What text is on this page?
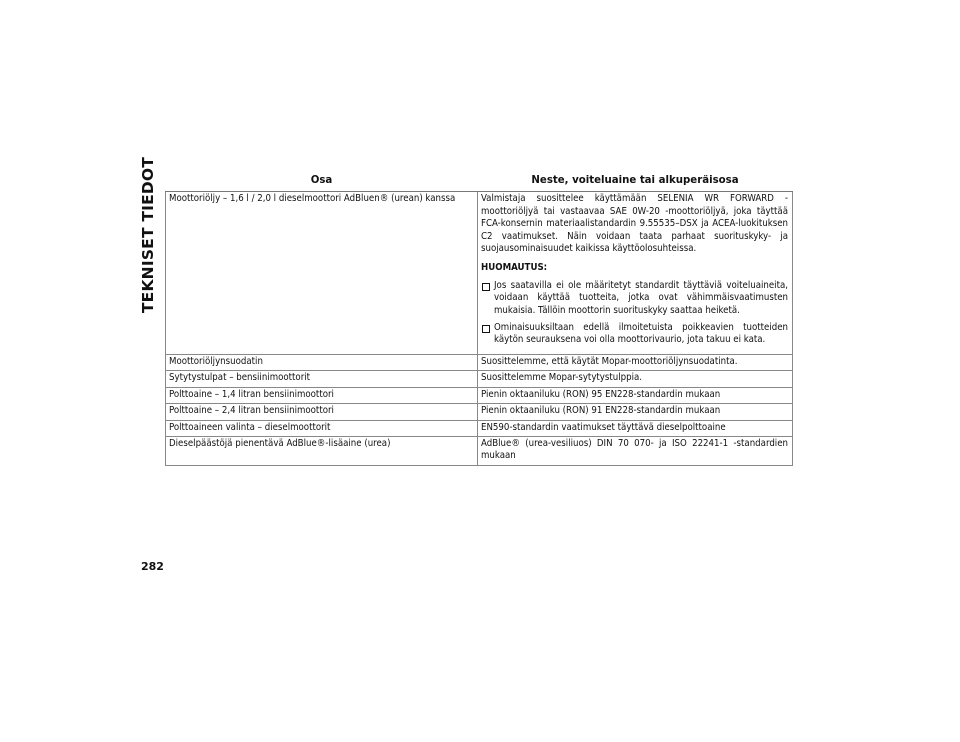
TEKNISET TIEDOT	Osa	Neste, voiteluaine tai alkuperäisosa
Moottoriöljy – 1,6 l / 2,0 l dieselmoottori AdBluen® (urean) kanssa	Valmistaja suosittelee käyttämään SELENIA WR FORWARD -moottoriöljyä tai vastaavaa SAE 0W-20 -moottoriöljyä, joka täyttää FCA-konsernin materiaalistandardin 9.55535–DSX ja ACEA-luokituksen C2 vaatimukset. Näin voidaan taata parhaat suorituskyky- ja suojausominaisuudet kaikissa käyttöolosuhteissa.
HUOMAUTUS:
Jos saatavilla ei ole määritetyt standardit täyttäviä voiteluaineita, voidaan käyttää tuotteita, jotka ovat vähimmäisvaatimusten mukaisia. Tällöin moottorin suorituskyky saattaa heiketä.
Ominaisuuksiltaan edellä ilmoitetuista poikkeavien tuotteiden käytön seurauksena voi olla moottorivaurio, jota takuu ei kata.

Moottoriöljynsuodatin	Suosittelemme, että käytät Mopar-moottoriöljynsuodatinta.
Sytytystulpat – bensiinimoottorit	Suosittelemme Mopar-sytytystulppia.
Polttoaine – 1,4 litran bensiinimoottori	Pienin oktaaniluku (RON) 95 EN228-standardin mukaan
Polttoaine – 2,4 litran bensiinimoottori	Pienin oktaaniluku (RON) 91 EN228-standardin mukaan
Polttoaineen valinta – dieselmoottorit	EN590-standardin vaatimukset täyttävä dieselpolttoaine
Dieselpäästöjä pienentävä AdBlue®-lisäaine (urea)	AdBlue® (urea-vesiliuos) DIN 70 070- ja ISO 22241-1 -standardien mukaan
282
